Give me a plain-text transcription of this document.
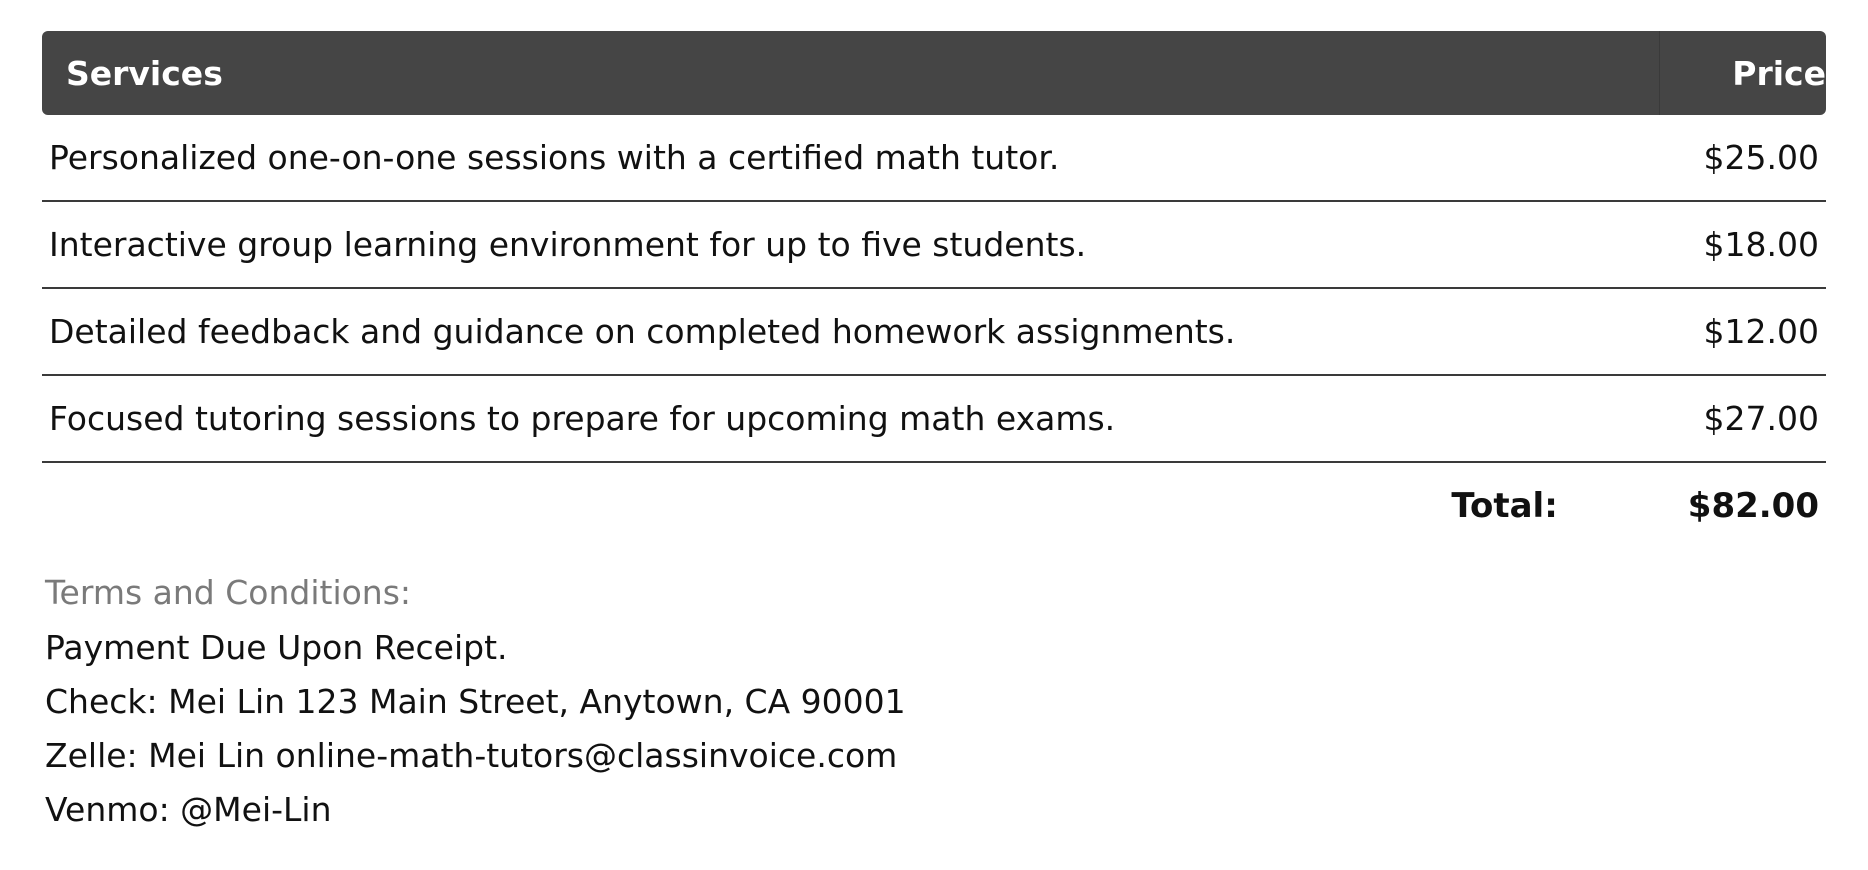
Services	Price
Personalized one-on-one sessions with a certified math tutor.	$25.00
Interactive group learning environment for up to five students.	$18.00
Detailed feedback and guidance on completed homework assignments.	$12.00
Focused tutoring sessions to prepare for upcoming math exams.	$27.00
Total:	$82.00
Terms and Conditions:
Payment Due Upon Receipt.
Check: Mei Lin 123 Main Street, Anytown, CA 90001
Zelle: Mei Lin online-math-tutors@classinvoice.com
Venmo: @Mei-Lin
